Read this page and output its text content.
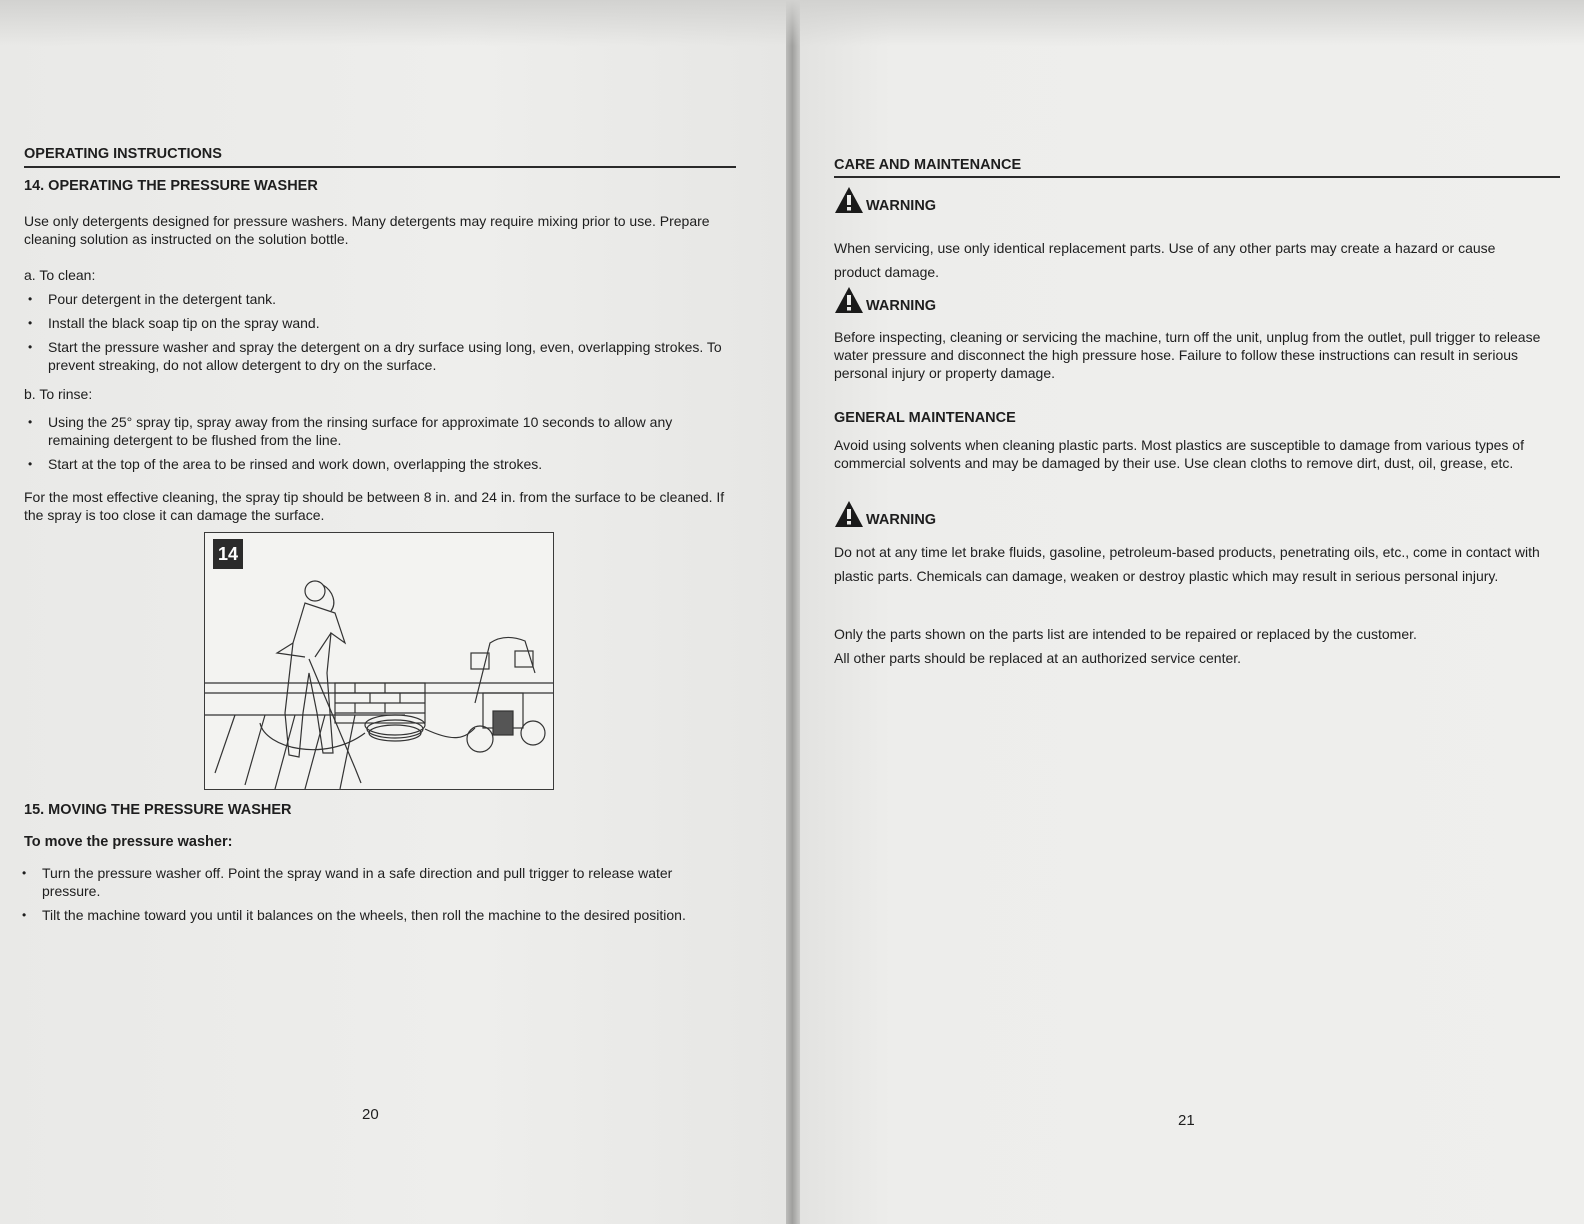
OPERATING INSTRUCTIONS
14. OPERATING THE PRESSURE WASHER

Use only detergents designed for pressure washers. Many detergents may require mixing prior to use. Prepare cleaning solution as instructed on the solution bottle.

a. To clean:

• Pour detergent in the detergent tank.
• Install the black soap tip on the spray wand.
• Start the pressure washer and spray the detergent on a dry surface using long, even, overlapping strokes. To prevent streaking, do not allow detergent to dry on the surface.

b. To rinse:

• Using the 25° spray tip, spray away from the rinsing surface for approximate 10 seconds to allow any remaining detergent to be flushed from the line.
• Start at the top of the area to be rinsed and work down, overlapping the strokes.

For the most effective cleaning, the spray tip should be between 8 in. and 24 in. from the surface to be cleaned. If the spray is too close it can damage the surface.

14
15. MOVING THE PRESSURE WASHER
To move the pressure washer:
• Turn the pressure washer off. Point the spray wand in a safe direction and pull trigger to release water pressure.
• Tilt the machine toward you until it balances on the wheels, then roll the machine to the desired position.
20
CARE AND MAINTENANCE
WARNING

When servicing, use only identical replacement parts. Use of any other parts may create a hazard or cause product damage.

WARNING

Before inspecting, cleaning or servicing the machine, turn off the unit, unplug from the outlet, pull trigger to release water pressure and disconnect the high pressure hose. Failure to follow these instructions can result in serious personal injury or property damage.

GENERAL MAINTENANCE

Avoid using solvents when cleaning plastic parts. Most plastics are susceptible to damage from various types of commercial solvents and may be damaged by their use. Use clean cloths to remove dirt, dust, oil, grease, etc.

WARNING

Do not at any time let brake fluids, gasoline, petroleum-based products, penetrating oils, etc., come in contact with plastic parts. Chemicals can damage, weaken or destroy plastic which may result in serious personal injury.

Only the parts shown on the parts list are intended to be repaired or replaced by the customer.

All other parts should be replaced at an authorized service center.

21
